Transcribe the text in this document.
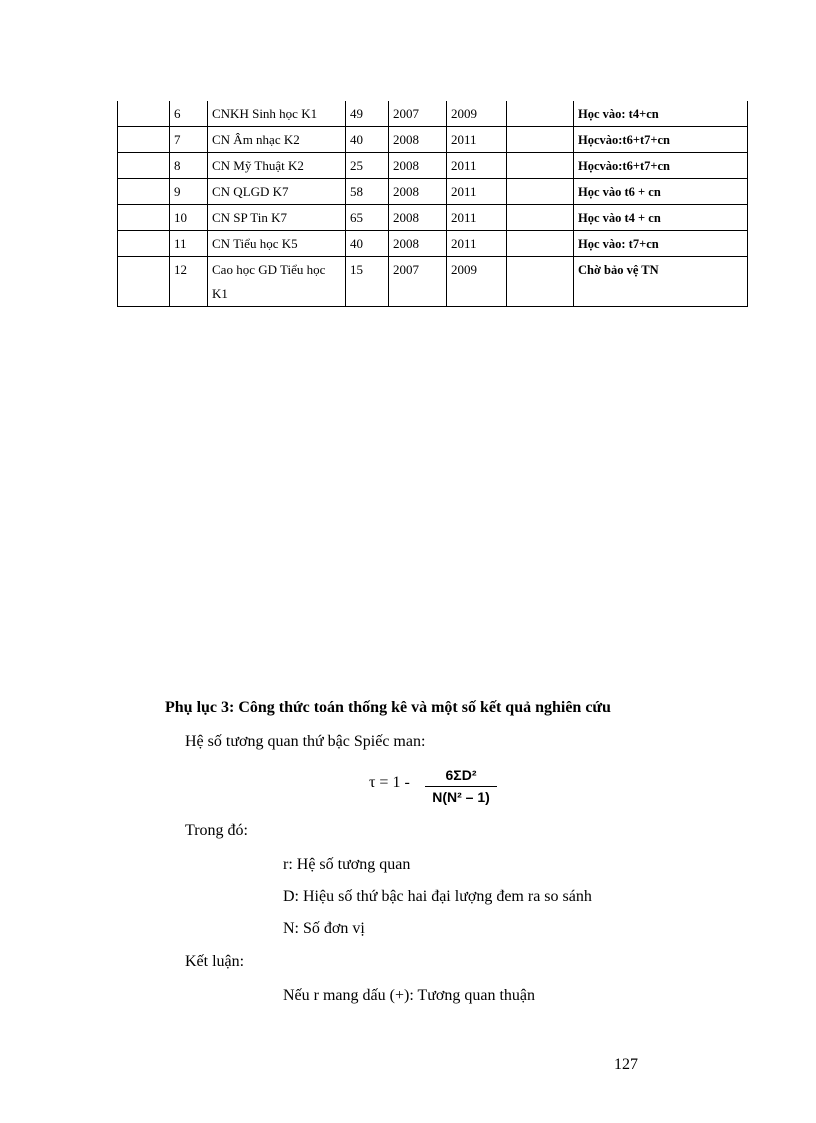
	6	CNKH Sinh học K1	49	2007	2009		Học vào: t4+cn
	7	CN Âm nhạc K2	40	2008	2011		Họcvào:t6+t7+cn
	8	CN Mỹ Thuật K2	25	2008	2011		Họcvào:t6+t7+cn
	9	CN QLGD K7	58	2008	2011		Học vào t6 + cn
	10	CN SP Tin K7	65	2008	2011		Học vào t4 + cn
	11	CN Tiểu học K5	40	2008	2011		Học vào: t7+cn
	12	Cao học GD Tiểu học K1	15	2007	2009		Chờ bảo vệ TN
Phụ lục 3: Công thức toán thống kê và một số kết quả nghiên cứu
Hệ số tương quan thứ bậc Spiếc man:
τ = 1 -	6ΣD²
N(N² – 1)
Trong đó:
r: Hệ số tương quan
D: Hiệu số thứ bậc hai đại lượng đem ra so sánh
N: Số đơn vị
Kết luận:
Nếu r mang dấu (+): Tương quan thuận
127
